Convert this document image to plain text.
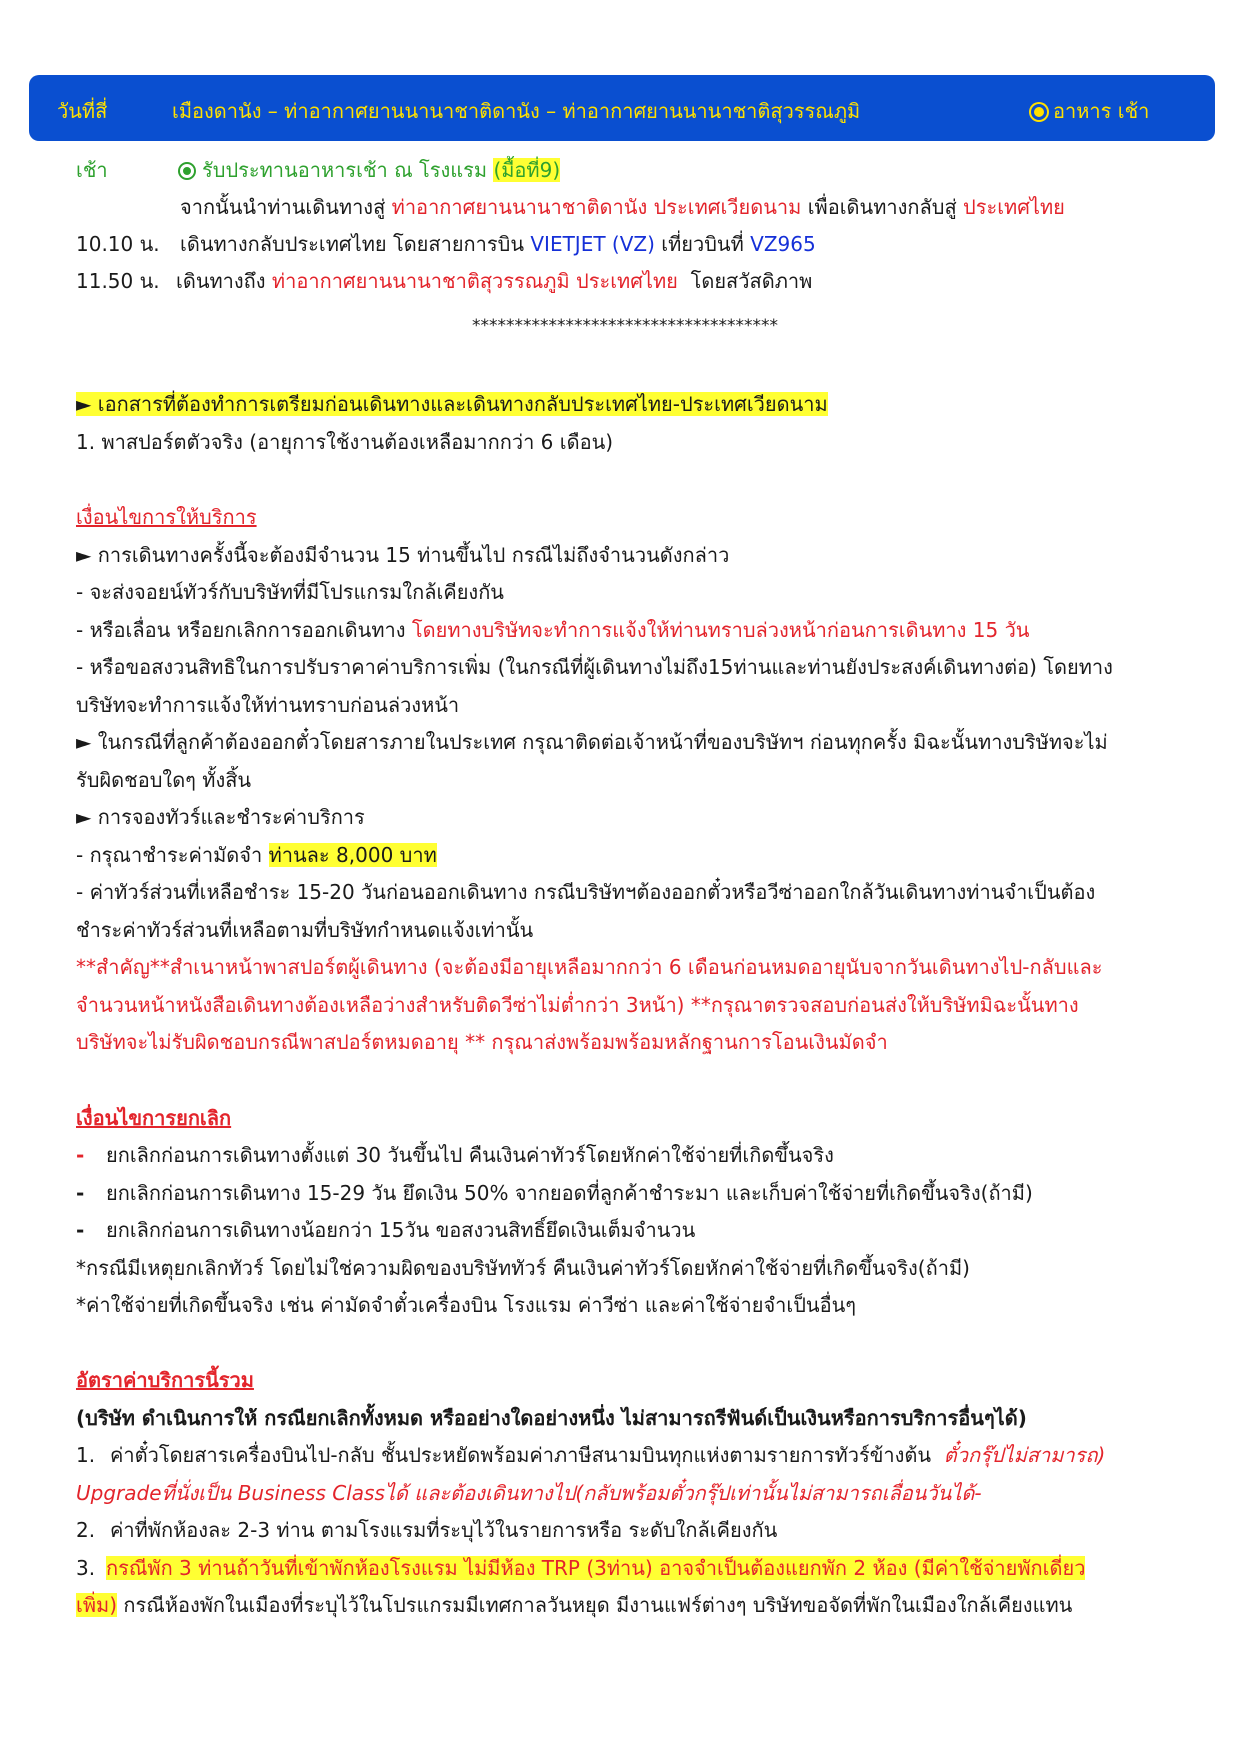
วันที่สี่	เมืองดานัง – ท่าอากาศยานนานาชาติดานัง – ท่าอากาศยานนานาชาติสุวรรณภูมิ	อาหาร เช้า
เช้า	รับประทานอาหารเช้า ณ โรงแรม (มื้อที่9)
จากนั้นนำท่านเดินทางสู่ ท่าอากาศยานนานาชาติดานัง ประเทศเวียดนาม เพื่อเดินทางกลับสู่ ประเทศไทย
10.10 น. เดินทางกลับประเทศไทย โดยสายการบิน VIETJET (VZ) เที่ยวบินที่ VZ965
11.50 น. เดินทางถึง ท่าอากาศยานนานาชาติสุวรรณภูมิ ประเทศไทย โดยสวัสดิภาพ
************************************
► เอกสารที่ต้องทำการเตรียมก่อนเดินทางและเดินทางกลับประเทศไทย-ประเทศเวียดนาม
1. พาสปอร์ตตัวจริง (อายุการใช้งานต้องเหลือมากกว่า 6 เดือน)
เงื่อนไขการให้บริการ
► การเดินทางครั้งนี้จะต้องมีจำนวน 15 ท่านขึ้นไป กรณีไม่ถึงจำนวนดังกล่าว
- จะส่งจอยน์ทัวร์กับบริษัทที่มีโปรแกรมใกล้เคียงกัน
- หรือเลื่อน หรือยกเลิกการออกเดินทาง โดยทางบริษัทจะทำการแจ้งให้ท่านทราบล่วงหน้าก่อนการเดินทาง 15 วัน
- หรือขอสงวนสิทธิในการปรับราคาค่าบริการเพิ่ม (ในกรณีที่ผู้เดินทางไม่ถึง15ท่านและท่านยังประสงค์เดินทางต่อ) โดยทาง
บริษัทจะทำการแจ้งให้ท่านทราบก่อนล่วงหน้า
► ในกรณีที่ลูกค้าต้องออกตั๋วโดยสารภายในประเทศ กรุณาติดต่อเจ้าหน้าที่ของบริษัทฯ ก่อนทุกครั้ง มิฉะนั้นทางบริษัทจะไม่
รับผิดชอบใดๆ ทั้งสิ้น
► การจองทัวร์และชำระค่าบริการ
- กรุณาชำระค่ามัดจำ ท่านละ 8,000 บาท
- ค่าทัวร์ส่วนที่เหลือชำระ 15-20 วันก่อนออกเดินทาง กรณีบริษัทฯต้องออกตั๋วหรือวีซ่าออกใกล้วันเดินทางท่านจำเป็นต้อง
ชำระค่าทัวร์ส่วนที่เหลือตามที่บริษัทกำหนดแจ้งเท่านั้น
**สำคัญ**สำเนาหน้าพาสปอร์ตผู้เดินทาง (จะต้องมีอายุเหลือมากกว่า 6 เดือนก่อนหมดอายุนับจากวันเดินทางไป-กลับและ
จำนวนหน้าหนังสือเดินทางต้องเหลือว่างสำหรับติดวีซ่าไม่ต่ำกว่า 3หน้า) **กรุณาตรวจสอบก่อนส่งให้บริษัทมิฉะนั้นทาง
บริษัทจะไม่รับผิดชอบกรณีพาสปอร์ตหมดอายุ ** กรุณาส่งพร้อมพร้อมหลักฐานการโอนเงินมัดจำ
เงื่อนไขการยกเลิก
- ยกเลิกก่อนการเดินทางตั้งแต่ 30 วันขึ้นไป คืนเงินค่าทัวร์โดยหักค่าใช้จ่ายที่เกิดขึ้นจริง
- ยกเลิกก่อนการเดินทาง 15-29 วัน ยึดเงิน 50% จากยอดที่ลูกค้าชำระมา และเก็บค่าใช้จ่ายที่เกิดขึ้นจริง(ถ้ามี)
- ยกเลิกก่อนการเดินทางน้อยกว่า 15วัน ขอสงวนสิทธิ์ยึดเงินเต็มจำนวน
*กรณีมีเหตุยกเลิกทัวร์ โดยไม่ใช่ความผิดของบริษัททัวร์ คืนเงินค่าทัวร์โดยหักค่าใช้จ่ายที่เกิดขึ้นจริง(ถ้ามี)
*ค่าใช้จ่ายที่เกิดขึ้นจริง เช่น ค่ามัดจำตั๋วเครื่องบิน โรงแรม ค่าวีซ่า และค่าใช้จ่ายจำเป็นอื่นๆ
อัตราค่าบริการนี้รวม
(บริษัท ดำเนินการให้ กรณียกเลิกทั้งหมด หรืออย่างใดอย่างหนึ่ง ไม่สามารถรีฟันด์เป็นเงินหรือการบริการอื่นๆได้)
1. ค่าตั๋วโดยสารเครื่องบินไป-กลับ ชั้นประหยัดพร้อมค่าภาษีสนามบินทุกแห่งตามรายการทัวร์ข้างต้น ตั๋วกรุ๊ปไม่สามารถ)
Upgradeที่นั่งเป็น Business Classได้ และต้องเดินทางไป(กลับพร้อมตั๋วกรุ๊ปเท่านั้นไม่สามารถเลื่อนวันได้-
2. ค่าที่พักห้องละ 2-3 ท่าน ตามโรงแรมที่ระบุไว้ในรายการหรือ ระดับใกล้เคียงกัน
3. กรณีพัก 3 ท่านถ้าวันที่เข้าพักห้องโรงแรม ไม่มีห้อง TRP (3ท่าน) อาจจำเป็นต้องแยกพัก 2 ห้อง (มีค่าใช้จ่ายพักเดี่ยว
เพิ่ม) กรณีห้องพักในเมืองที่ระบุไว้ในโปรแกรมมีเทศกาลวันหยุด มีงานแฟร์ต่างๆ บริษัทขอจัดที่พักในเมืองใกล้เคียงแทน
